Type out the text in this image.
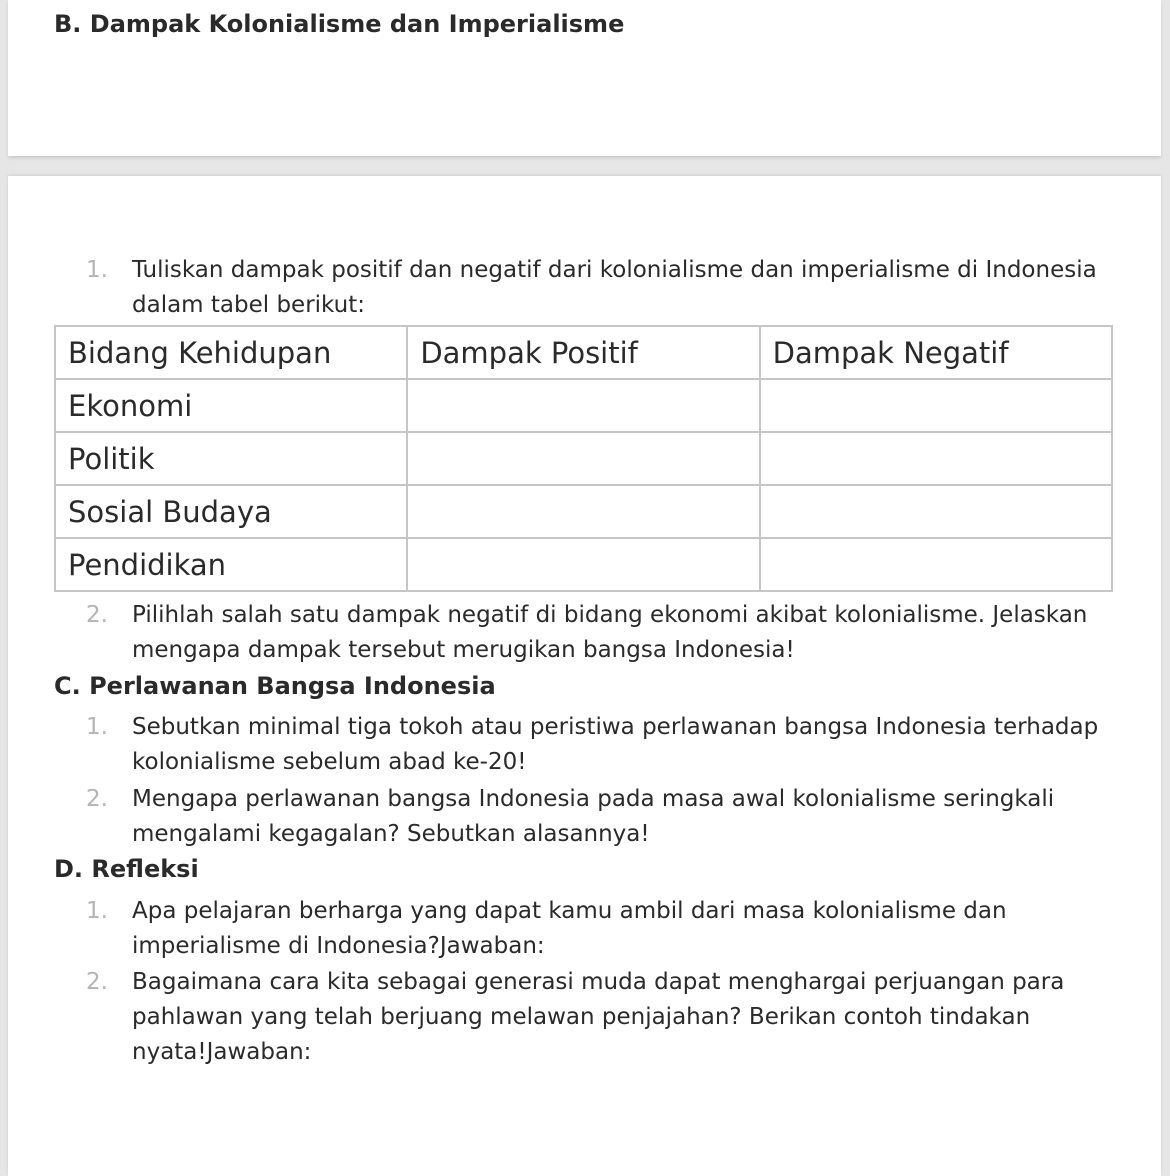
B. Dampak Kolonialisme dan Imperialisme
1.	Tuliskan dampak positif dan negatif dari kolonialisme dan imperialisme di Indonesia dalam tabel berikut:
Bidang Kehidupan	Dampak Positif	Dampak Negatif
Ekonomi		
Politik		
Sosial Budaya		
Pendidikan		
2.	Pilihlah salah satu dampak negatif di bidang ekonomi akibat kolonialisme. Jelaskan mengapa dampak tersebut merugikan bangsa Indonesia!
C. Perlawanan Bangsa Indonesia
1.	Sebutkan minimal tiga tokoh atau peristiwa perlawanan bangsa Indonesia terhadap kolonialisme sebelum abad ke-20!
2.	Mengapa perlawanan bangsa Indonesia pada masa awal kolonialisme seringkali mengalami kegagalan? Sebutkan alasannya!
D. Refleksi
1.	Apa pelajaran berharga yang dapat kamu ambil dari masa kolonialisme dan imperialisme di Indonesia?Jawaban:
2.	Bagaimana cara kita sebagai generasi muda dapat menghargai perjuangan para pahlawan yang telah berjuang melawan penjajahan? Berikan contoh tindakan nyata!Jawaban:
